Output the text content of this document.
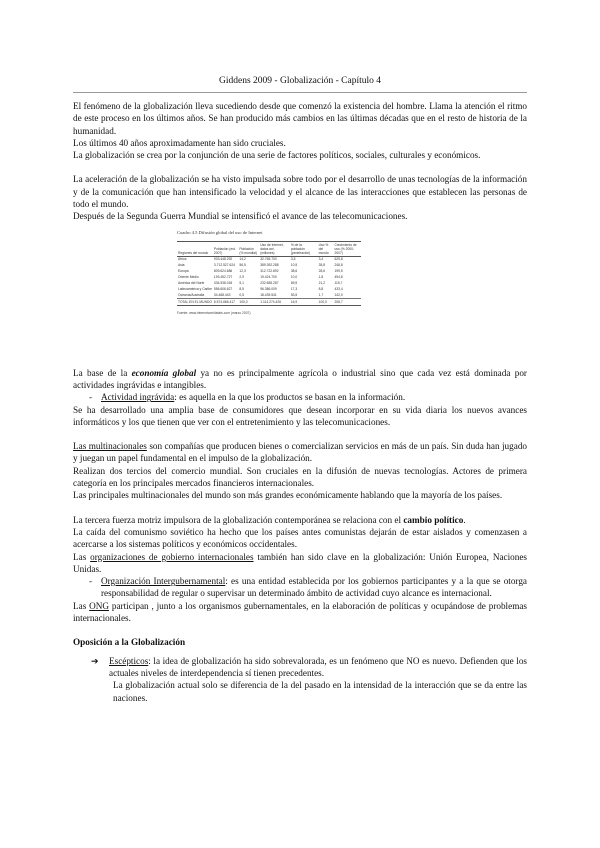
Giddens 2009 - Globalización - Capítulo 4

El fenómeno de la globalización lleva sucediendo desde que comenzó la existencia del hombre. Llama la atención el ritmo de este proceso en los últimos años. Se han producido más cambios en las últimas décadas que en el resto de historia de la humanidad.

Los últimos 40 años aproximadamente han sido cruciales.

La globalización se crea por la conjunción de una serie de factores políticos, sociales, culturales y económicos.

La aceleración de la globalización se ha visto impulsada sobre todo por el desarrollo de unas tecnologías de la información y de la comunicación que han intensificado la velocidad y el alcance de las interacciones que establecen las personas de todo el mundo.

Después de la Segunda Guerra Mundial se intensificó el avance de las telecomunicaciones.

Cuadro 4.5 Difusión global del uso de Internet
Regiones del mundo	Población (est. 2007)	Población (% mundial)	Uso de Internet, datos act. (millones)	% de la población (penetración)	Uso % del mundo	Crecimiento de uso (% 2000-2007)
África	933.448.292	14,2	32.765.700	3,5	3,4	625,8
Asia	3.712.527.624	56,5	389.392.288	10,5	35,8	248,8
Europa	809.624.686	12,3	312.722.892	38,6	28,6	199,5
Oriente Medio	193.452.727	2,9	19.424.700	10,0	1,8	494,8
América del Norte	334.538.018	5,1	232.655.287	69,5	21,2	115,7
Latinoamérica y Caribe	556.606.627	8,5	96.386.009	17,3	8,8	433,4
Oceanía/Australia	34.468.443	0,5	18.439.541	53,5	1,7	142,0
TOTAL EN EL MUNDO	6.574.666.417	100,0	1.114.274.426	16,9	100,0	208,7
Fuente: www.internetworldstats.com (marzo 2007).

La base de la economía global ya no es principalmente agrícola o industrial sino que cada vez está dominada por actividades ingrávidas e intangibles.

- Actividad ingrávida: es aquella en la que los productos se basan en la información.

Se ha desarrollado una amplia base de consumidores que desean incorporar en su vida diaria los nuevos avances informáticos y los que tienen que ver con el entretenimiento y las telecomunicaciones.

Las multinacionales son compañías que producen bienes o comercializan servicios en más de un país. Sin duda han jugado y juegan un papel fundamental en el impulso de la globalización.

Realizan dos tercios del comercio mundial. Son cruciales en la difusión de nuevas tecnologías. Actores de primera categoría en los principales mercados financieros internacionales.

Las principales multinacionales del mundo son más grandes económicamente hablando que la mayoría de los países.

La tercera fuerza motriz impulsora de la globalización contemporánea se relaciona con el cambio político.

La caída del comunismo soviético ha hecho que los países antes comunistas dejarán de estar aislados y comenzasen a acercarse a los sistemas políticos y económicos occidentales.

Las organizaciones de gobierno internacionales también han sido clave en la globalización: Unión Europea, Naciones Unidas.

- Organización Intergubernamental: es una entidad establecida por los gobiernos participantes y a la que se otorga responsabilidad de regular o supervisar un determinado ámbito de actividad cuyo alcance es internacional.

Las ONG participan , junto a los organismos gubernamentales, en la elaboración de políticas y ocupándose de problemas internacionales.

Oposición a la Globalización

➔ Escépticos: la idea de globalización ha sido sobrevalorada, es un fenómeno que NO es nuevo. Defienden que los actuales niveles de interdependencia sí tienen precedentes.

La globalización actual solo se diferencia de la del pasado en la intensidad de la interacción que se da entre las naciones.
